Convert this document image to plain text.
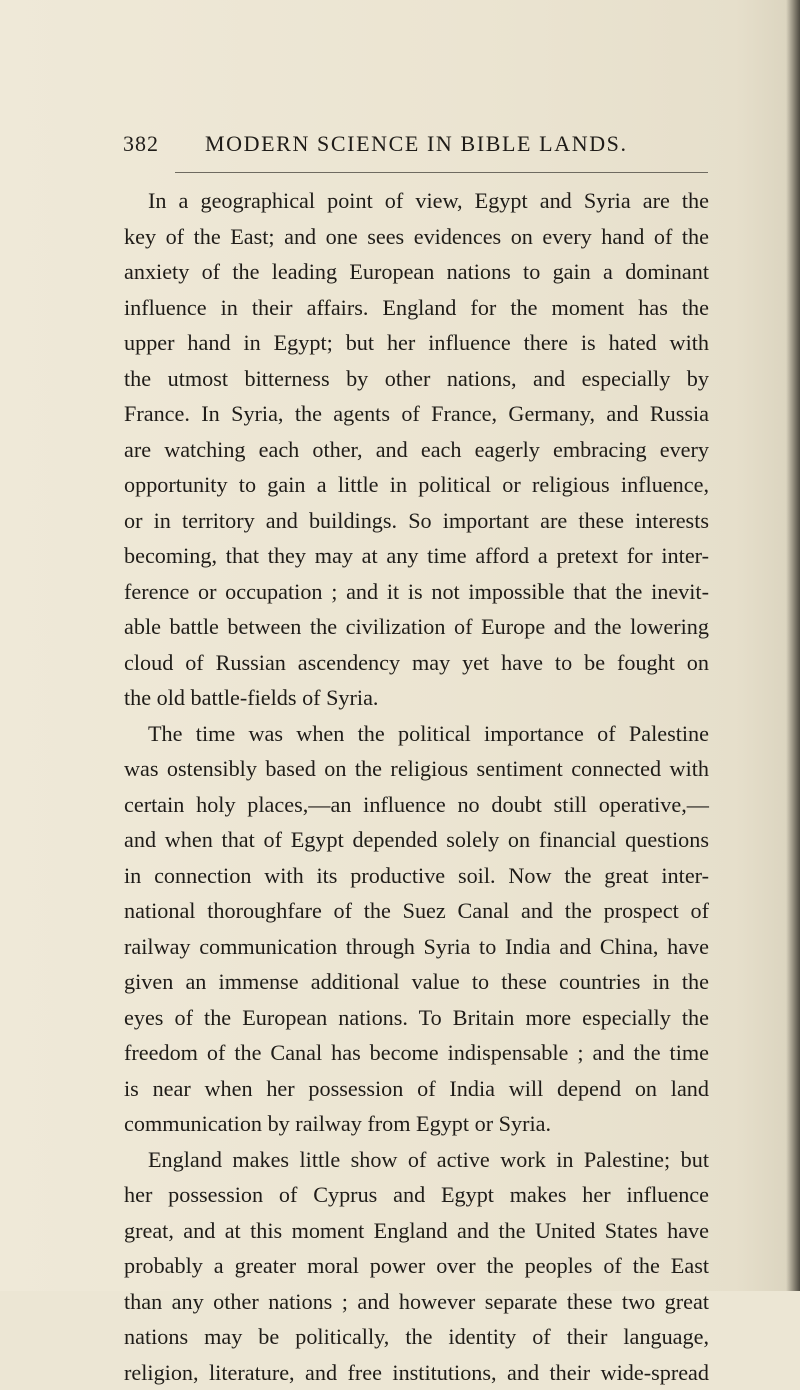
382 MODERN SCIENCE IN BIBLE LANDS.
In a geographical point of view, Egypt and Syria are the
key of the East; and one sees evidences on every hand of the
anxiety of the leading European nations to gain a dominant
influence in their affairs. England for the moment has the
upper hand in Egypt; but her influence there is hated with
the utmost bitterness by other nations, and especially by
France. In Syria, the agents of France, Germany, and Russia
are watching each other, and each eagerly embracing every
opportunity to gain a little in political or religious influence,
or in territory and buildings. So important are these interests
becoming, that they may at any time afford a pretext for inter-
ference or occupation ; and it is not impossible that the inevit-
able battle between the civilization of Europe and the lowering
cloud of Russian ascendency may yet have to be fought on
the old battle-fields of Syria.
The time was when the political importance of Palestine
was ostensibly based on the religious sentiment connected with
certain holy places,—an influence no doubt still operative,—
and when that of Egypt depended solely on financial questions
in connection with its productive soil. Now the great inter-
national thoroughfare of the Suez Canal and the prospect of
railway communication through Syria to India and China, have
given an immense additional value to these countries in the
eyes of the European nations. To Britain more especially the
freedom of the Canal has become indispensable ; and the time
is near when her possession of India will depend on land
communication by railway from Egypt or Syria.
England makes little show of active work in Palestine; but
her possession of Cyprus and Egypt makes her influence
great, and at this moment England and the United States have
probably a greater moral power over the peoples of the East
than any other nations ; and however separate these two great
nations may be politically, the identity of their language,
religion, literature, and free institutions, and their wide-spread
